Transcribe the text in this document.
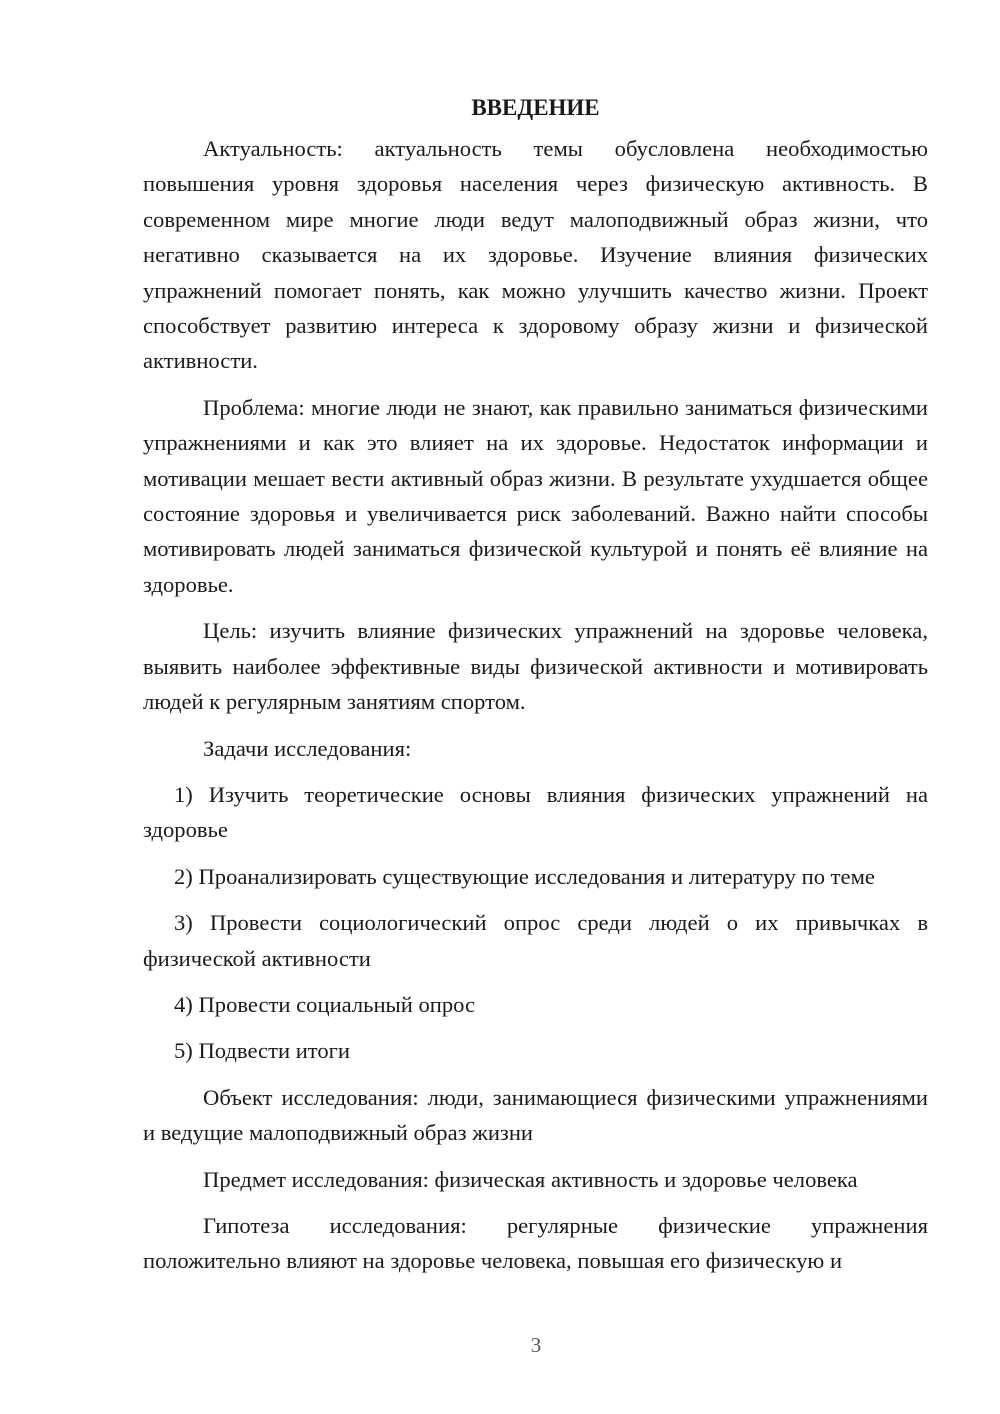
ВВЕДЕНИЕ

Актуальность: актуальность темы обусловлена необходимостью повышения уровня здоровья населения через физическую активность. В современном мире многие люди ведут малоподвижный образ жизни, что негативно сказывается на их здоровье. Изучение влияния физических упражнений помогает понять, как можно улучшить качество жизни. Проект способствует развитию интереса к здоровому образу жизни и физической активности.

Проблема: многие люди не знают, как правильно заниматься физическими упражнениями и как это влияет на их здоровье. Недостаток информации и мотивации мешает вести активный образ жизни. В результате ухудшается общее состояние здоровья и увеличивается риск заболеваний. Важно найти способы мотивировать людей заниматься физической культурой и понять её влияние на здоровье.

Цель: изучить влияние физических упражнений на здоровье человека, выявить наиболее эффективные виды физической активности и мотивировать людей к регулярным занятиям спортом.

Задачи исследования:

1) Изучить теоретические основы влияния физических упражнений на здоровье

2) Проанализировать существующие исследования и литературу по теме

3) Провести социологический опрос среди людей о их привычках в физической активности

4) Провести социальный опрос

5) Подвести итоги

Объект исследования: люди, занимающиеся физическими упражнениями и ведущие малоподвижный образ жизни

Предмет исследования: физическая активность и здоровье человека

Гипотеза исследования: регулярные физические упражнения положительно влияют на здоровье человека, повышая его физическую и

3
